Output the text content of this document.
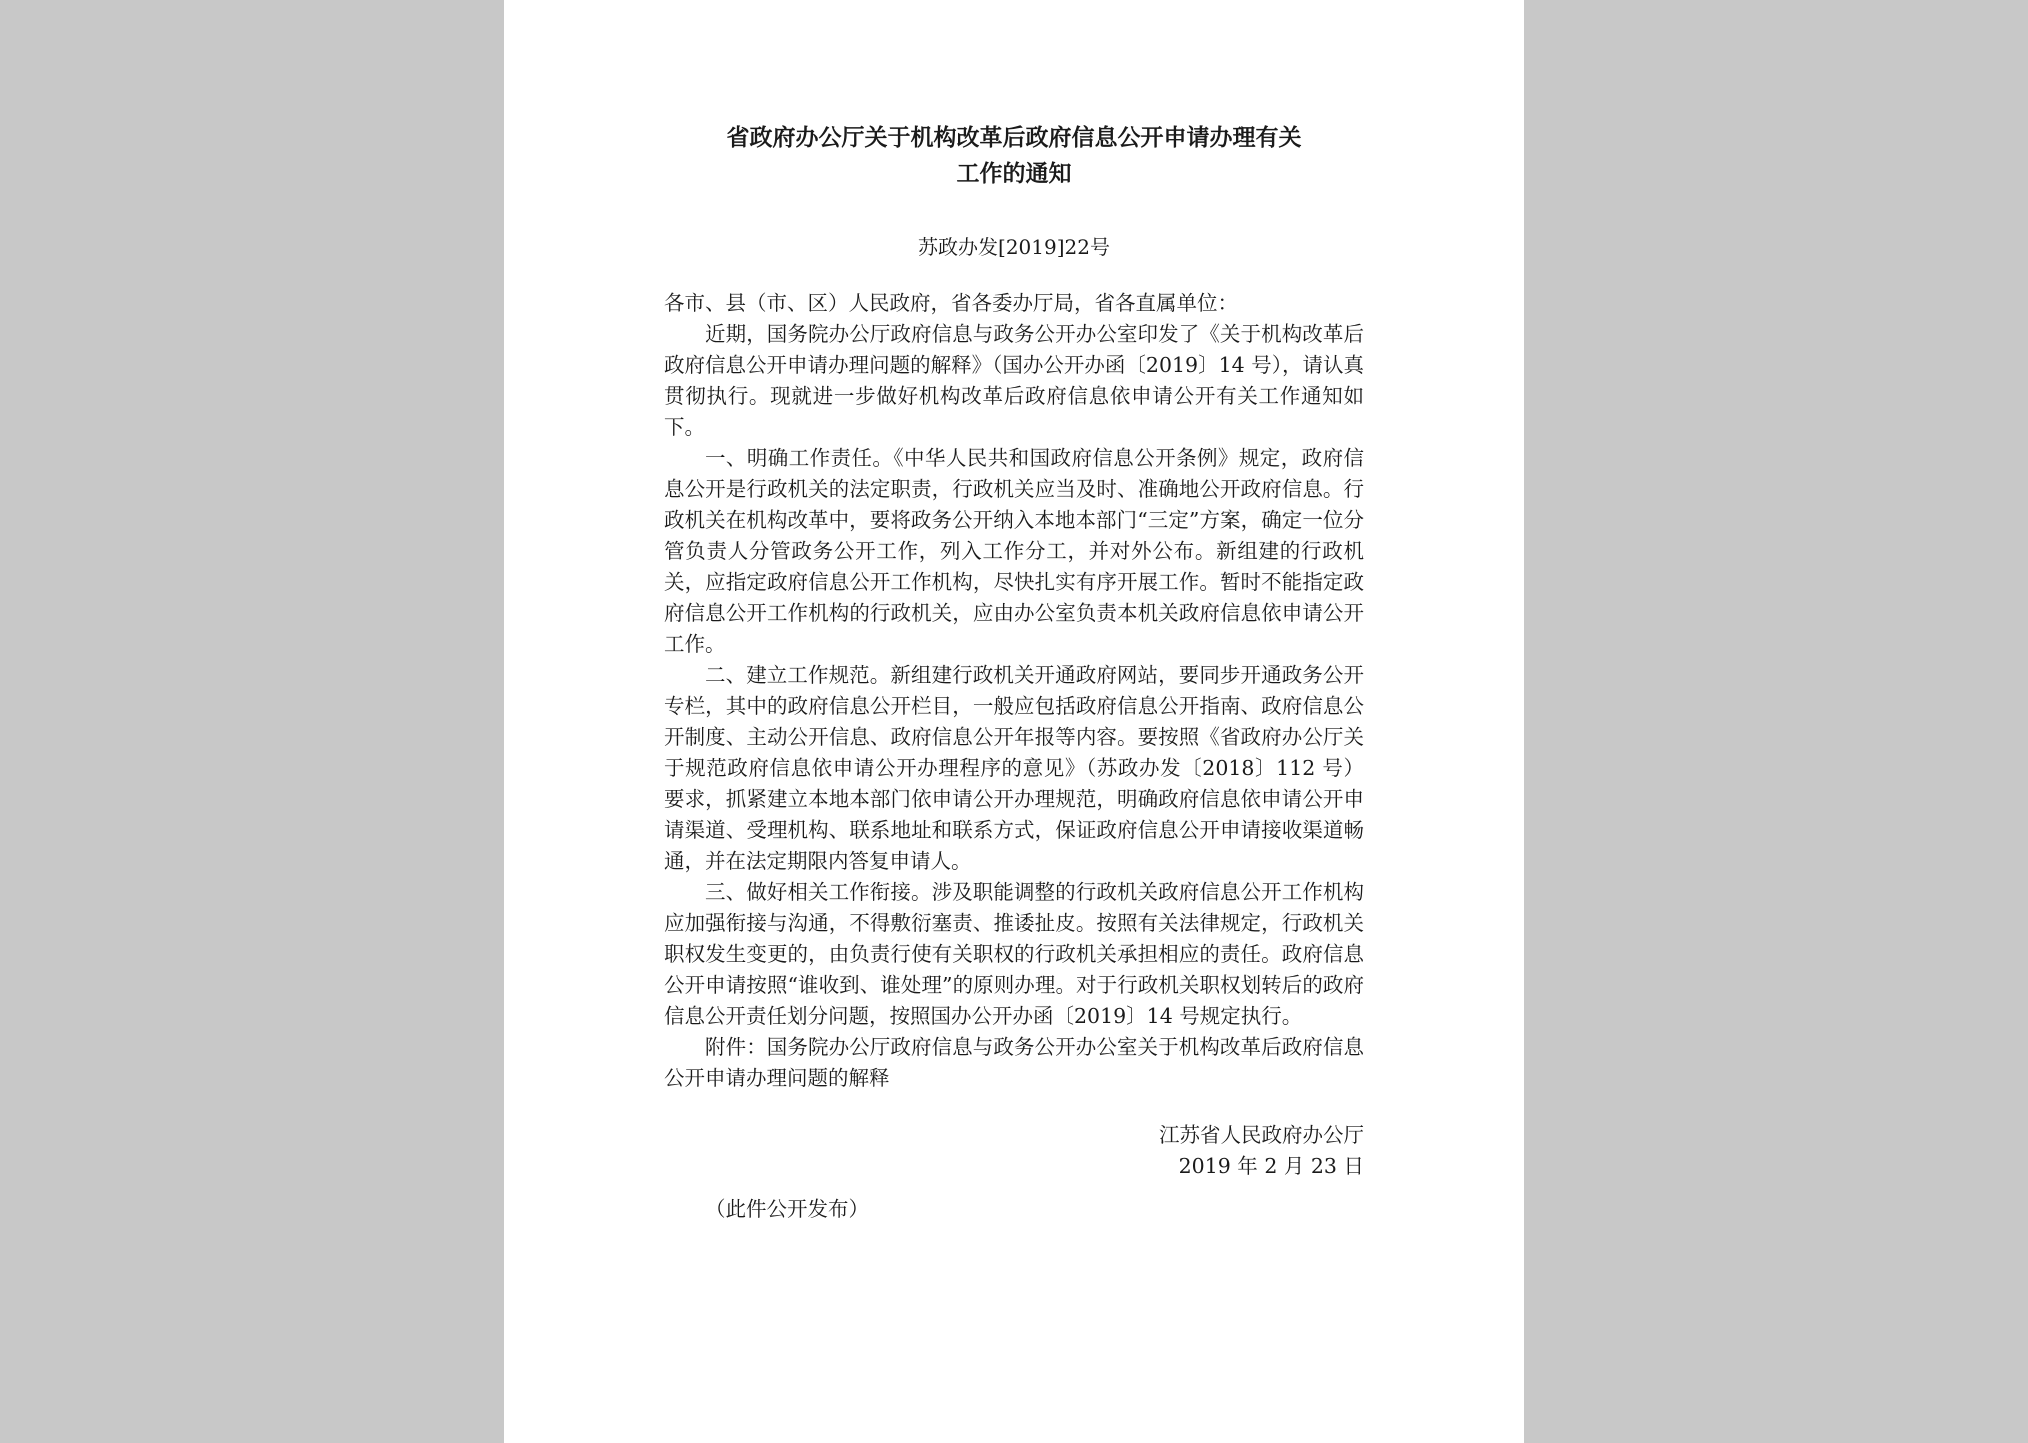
省政府办公厅关于机构改革后政府信息公开申请办理有关
工作的通知
苏政办发[2019]22号

各市、县（市、区）人民政府，省各委办厅局，省各直属单位：

近期，国务院办公厅政府信息与政务公开办公室印发了《关于机构改革后政府信息公开申请办理问题的解释》（国办公开办函〔2019〕14 号），请认真贯彻执行。现就进一步做好机构改革后政府信息依申请公开有关工作通知如下。

一、明确工作责任。《中华人民共和国政府信息公开条例》规定，政府信息公开是行政机关的法定职责，行政机关应当及时、准确地公开政府信息。行政机关在机构改革中，要将政务公开纳入本地本部门“三定”方案，确定一位分管负责人分管政务公开工作，列入工作分工，并对外公布。新组建的行政机关，应指定政府信息公开工作机构，尽快扎实有序开展工作。暂时不能指定政府信息公开工作机构的行政机关，应由办公室负责本机关政府信息依申请公开工作。

二、建立工作规范。新组建行政机关开通政府网站，要同步开通政务公开专栏，其中的政府信息公开栏目，一般应包括政府信息公开指南、政府信息公开制度、主动公开信息、政府信息公开年报等内容。要按照《省政府办公厅关于规范政府信息依申请公开办理程序的意见》（苏政办发〔2018〕112 号）要求，抓紧建立本地本部门依申请公开办理规范，明确政府信息依申请公开申请渠道、受理机构、联系地址和联系方式，保证政府信息公开申请接收渠道畅通，并在法定期限内答复申请人。

三、做好相关工作衔接。涉及职能调整的行政机关政府信息公开工作机构应加强衔接与沟通，不得敷衍塞责、推诿扯皮。按照有关法律规定，行政机关职权发生变更的，由负责行使有关职权的行政机关承担相应的责任。政府信息公开申请按照“谁收到、谁处理”的原则办理。对于行政机关职权划转后的政府信息公开责任划分问题，按照国办公开办函〔2019〕14 号规定执行。

附件：国务院办公厅政府信息与政务公开办公室关于机构改革后政府信息公开申请办理问题的解释

江苏省人民政府办公厅
2019 年 2 月 23 日
（此件公开发布）
